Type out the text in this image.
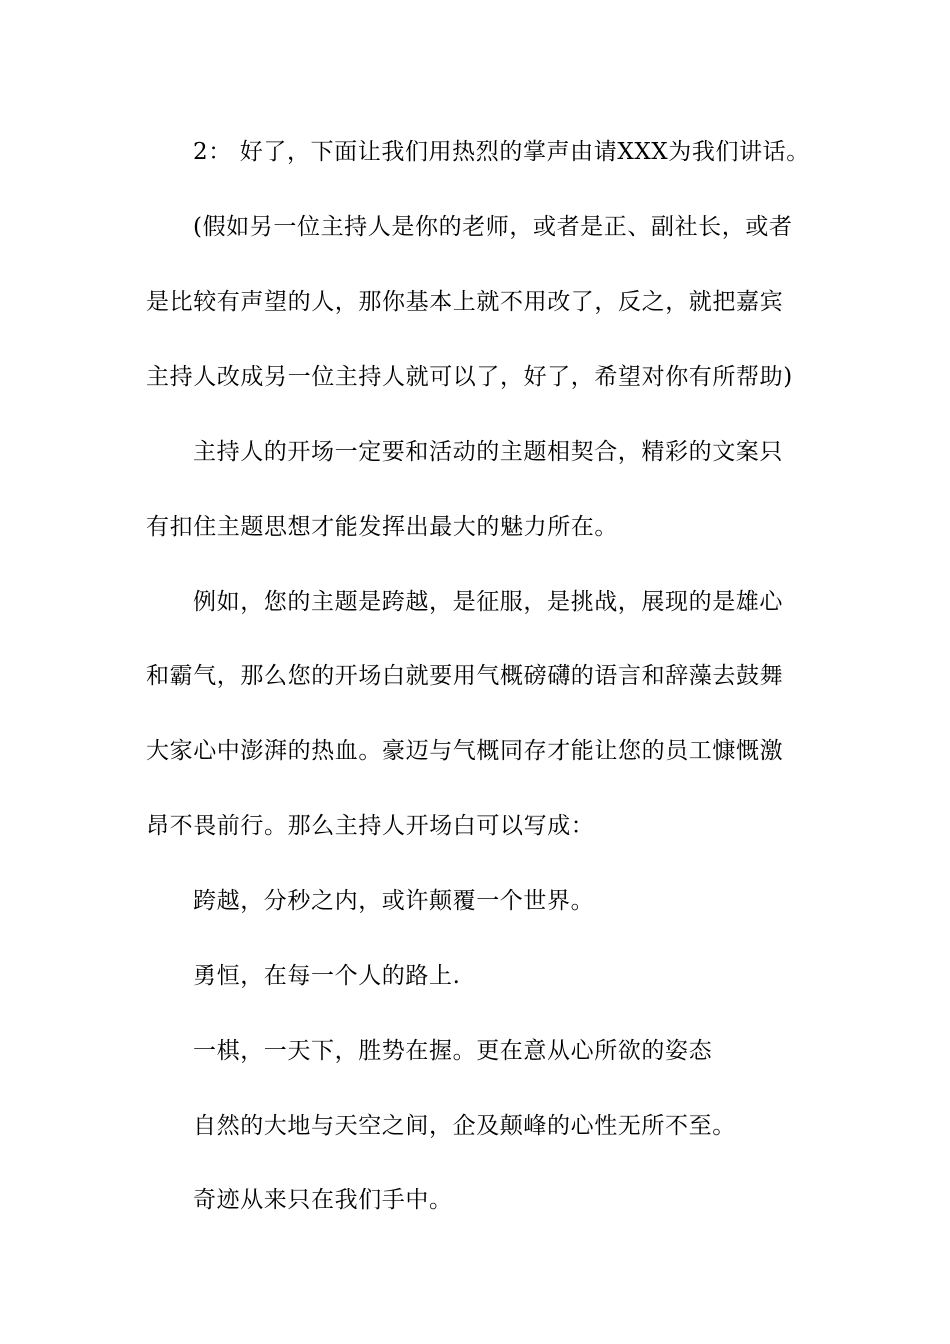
2： 好了，下面让我们用热烈的掌声由请XXX为我们讲话。
(假如另一位主持人是你的老师，或者是正、副社长，或者
是比较有声望的人，那你基本上就不用改了，反之，就把嘉宾
主持人改成另一位主持人就可以了，好了，希望对你有所帮助)
主持人的开场一定要和活动的主题相契合，精彩的文案只
有扣住主题思想才能发挥出最大的魅力所在。
例如，您的主题是跨越，是征服，是挑战，展现的是雄心
和霸气，那么您的开场白就要用气概磅礴的语言和辞藻去鼓舞
大家心中澎湃的热血。豪迈与气概同存才能让您的员工慷慨激
昂不畏前行。那么主持人开场白可以写成：
跨越，分秒之内，或许颠覆一个世界。
勇恒，在每一个人的路上.
一棋，一天下，胜势在握。更在意从心所欲的姿态
自然的大地与天空之间，企及颠峰的心性无所不至。
奇迹从来只在我们手中。
